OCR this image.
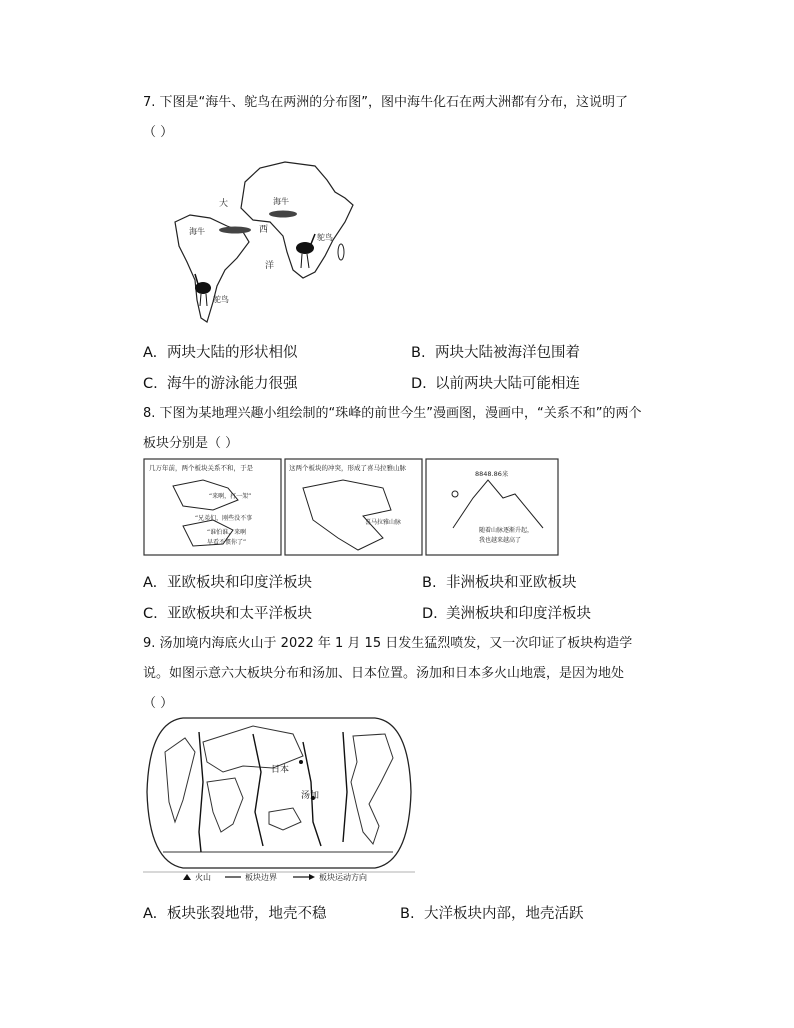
7. 下图是“海牛、鸵鸟在两洲的分布图”，图中海牛化石在两大洲都有分布，这说明了
（ ）
大
西
洋
海牛
海牛
鸵鸟
鸵鸟
A. 两块大陆的形状相似	B. 两块大陆被海洋包围着
C. 海牛的游泳能力很强	D. 以前两块大陆可能相连
8. 下图为某地理兴趣小组绘制的“珠峰的前世今生”漫画图，漫画中，“关系不和”的两个
板块分别是（ ）
几万年前，两个板块关系不和，于是
“来啊，打一架”
“兄弟们，刚些没不事
“谁怕谁，来啊
早看不惯你了”
这两个板块的冲突，形成了喜马拉雅山脉
喜马拉雅山脉
8848.86米
随着山脉逐渐升起，
我也越来越高了
A. 亚欧板块和印度洋板块	B. 非洲板块和亚欧板块
C. 亚欧板块和太平洋板块	D. 美洲板块和印度洋板块
9. 汤加境内海底火山于 2022 年 1 月 15 日发生猛烈喷发，又一次印证了板块构造学
说。如图示意六大板块分布和汤加、日本位置。汤加和日本多火山地震，是因为地处
（ ）
日本
汤加
火山	板块边界	板块运动方向
A. 板块张裂地带，地壳不稳	B. 大洋板块内部，地壳活跃
